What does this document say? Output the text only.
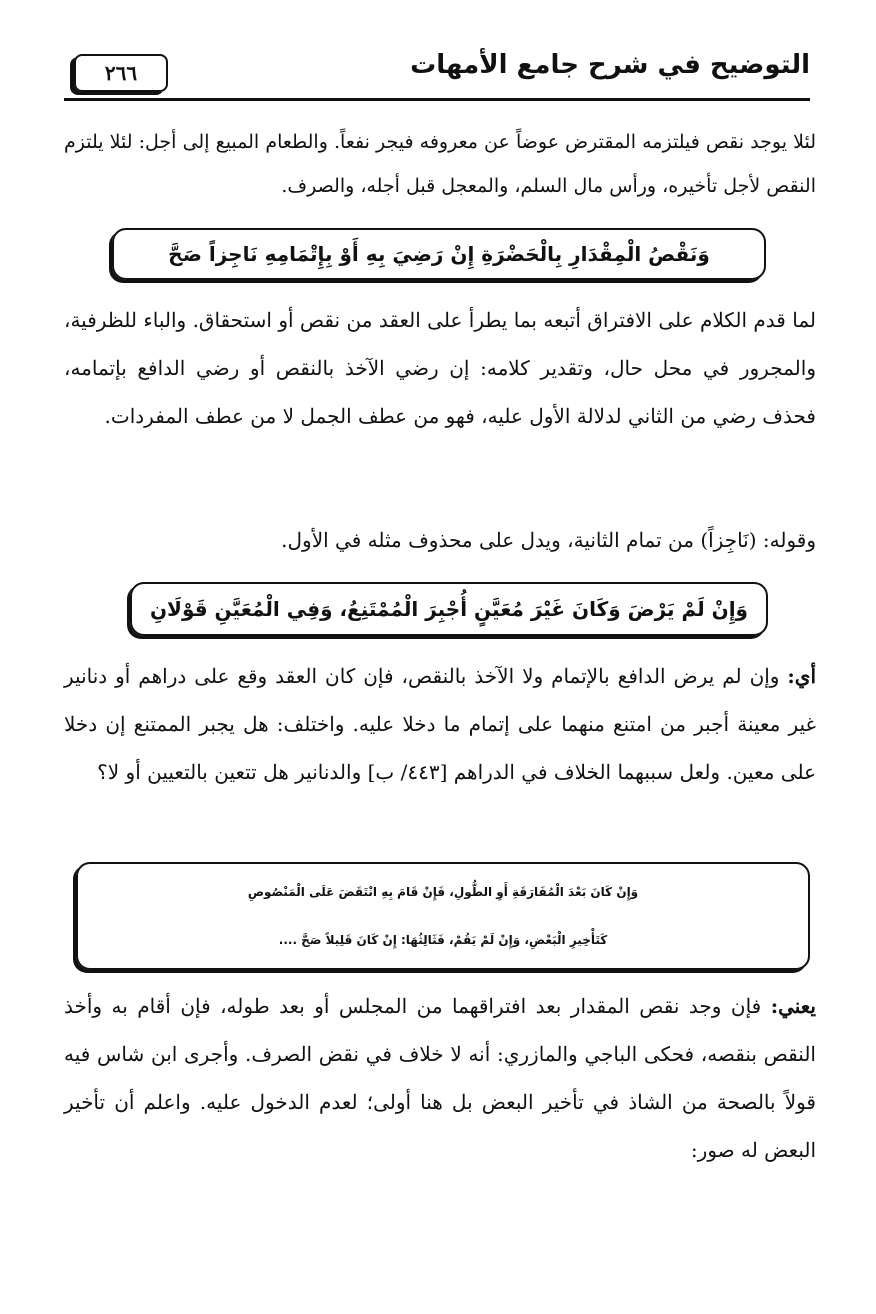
التوضيح في شرح جامع الأمهات
٢٦٦
لئلا يوجد نقص فيلتزمه المقترض عوضاً عن معروفه فيجر نفعاً. والطعام المبيع إلى أجل: لئلا يلتزم النقص لأجل تأخيره، ورأس مال السلم، والمعجل قبل أجله، والصرف.
وَنَقْصُ الْمِقْدَارِ بِالْحَضْرَةِ إِنْ رَضِيَ بِهِ أَوْ بِإِتْمَامِهِ نَاجِزاً صَحَّ
لما قدم الكلام على الافتراق أتبعه بما يطرأ على العقد من نقص أو استحقاق. والباء للظرفية، والمجرور في محل حال، وتقدير كلامه: إن رضي الآخذ بالنقص أو رضي الدافع بإتمامه، فحذف رضي من الثاني لدلالة الأول عليه، فهو من عطف الجمل لا من عطف المفردات.
وقوله: (نَاجِزاً) من تمام الثانية، ويدل على محذوف مثله في الأول.
وَإِنْ لَمْ يَرْضَ وَكَانَ غَيْرَ مُعَيَّنٍ أُجْبِرَ الْمُمْتَنِعُ، وَفِي الْمُعَيَّنِ قَوْلَانِ
أي: وإن لم يرض الدافع بالإتمام ولا الآخذ بالنقص، فإن كان العقد وقع على دراهم أو دنانير غير معينة أجبر من امتنع منهما على إتمام ما دخلا عليه. واختلف: هل يجبر الممتنع إن دخلا على معين. ولعل سببهما الخلاف في الدراهم [٤٤٣/ ب] والدنانير هل تتعين بالتعيين أو لا؟
وَإِنْ كَانَ بَعْدَ الْمُفَارَقَةِ أَوِ الطُّولِ، فَإِنْ قَامَ بِهِ انْتَقَضَ عَلَى الْمَنْصُوصِ
كَتَأْخِيرِ الْبَعْضِ، وَإِنْ لَمْ يَقُمْ، فَثَالِثُهَا: إِنْ كَانَ قَلِيلاً صَحَّ ....
يعني: فإن وجد نقص المقدار بعد افتراقهما من المجلس أو بعد طوله، فإن أقام به وأخذ النقص بنقصه، فحكى الباجي والمازري: أنه لا خلاف في نقض الصرف. وأجرى ابن شاس فيه قولاً بالصحة من الشاذ في تأخير البعض بل هنا أولى؛ لعدم الدخول عليه. واعلم أن تأخير البعض له صور:
